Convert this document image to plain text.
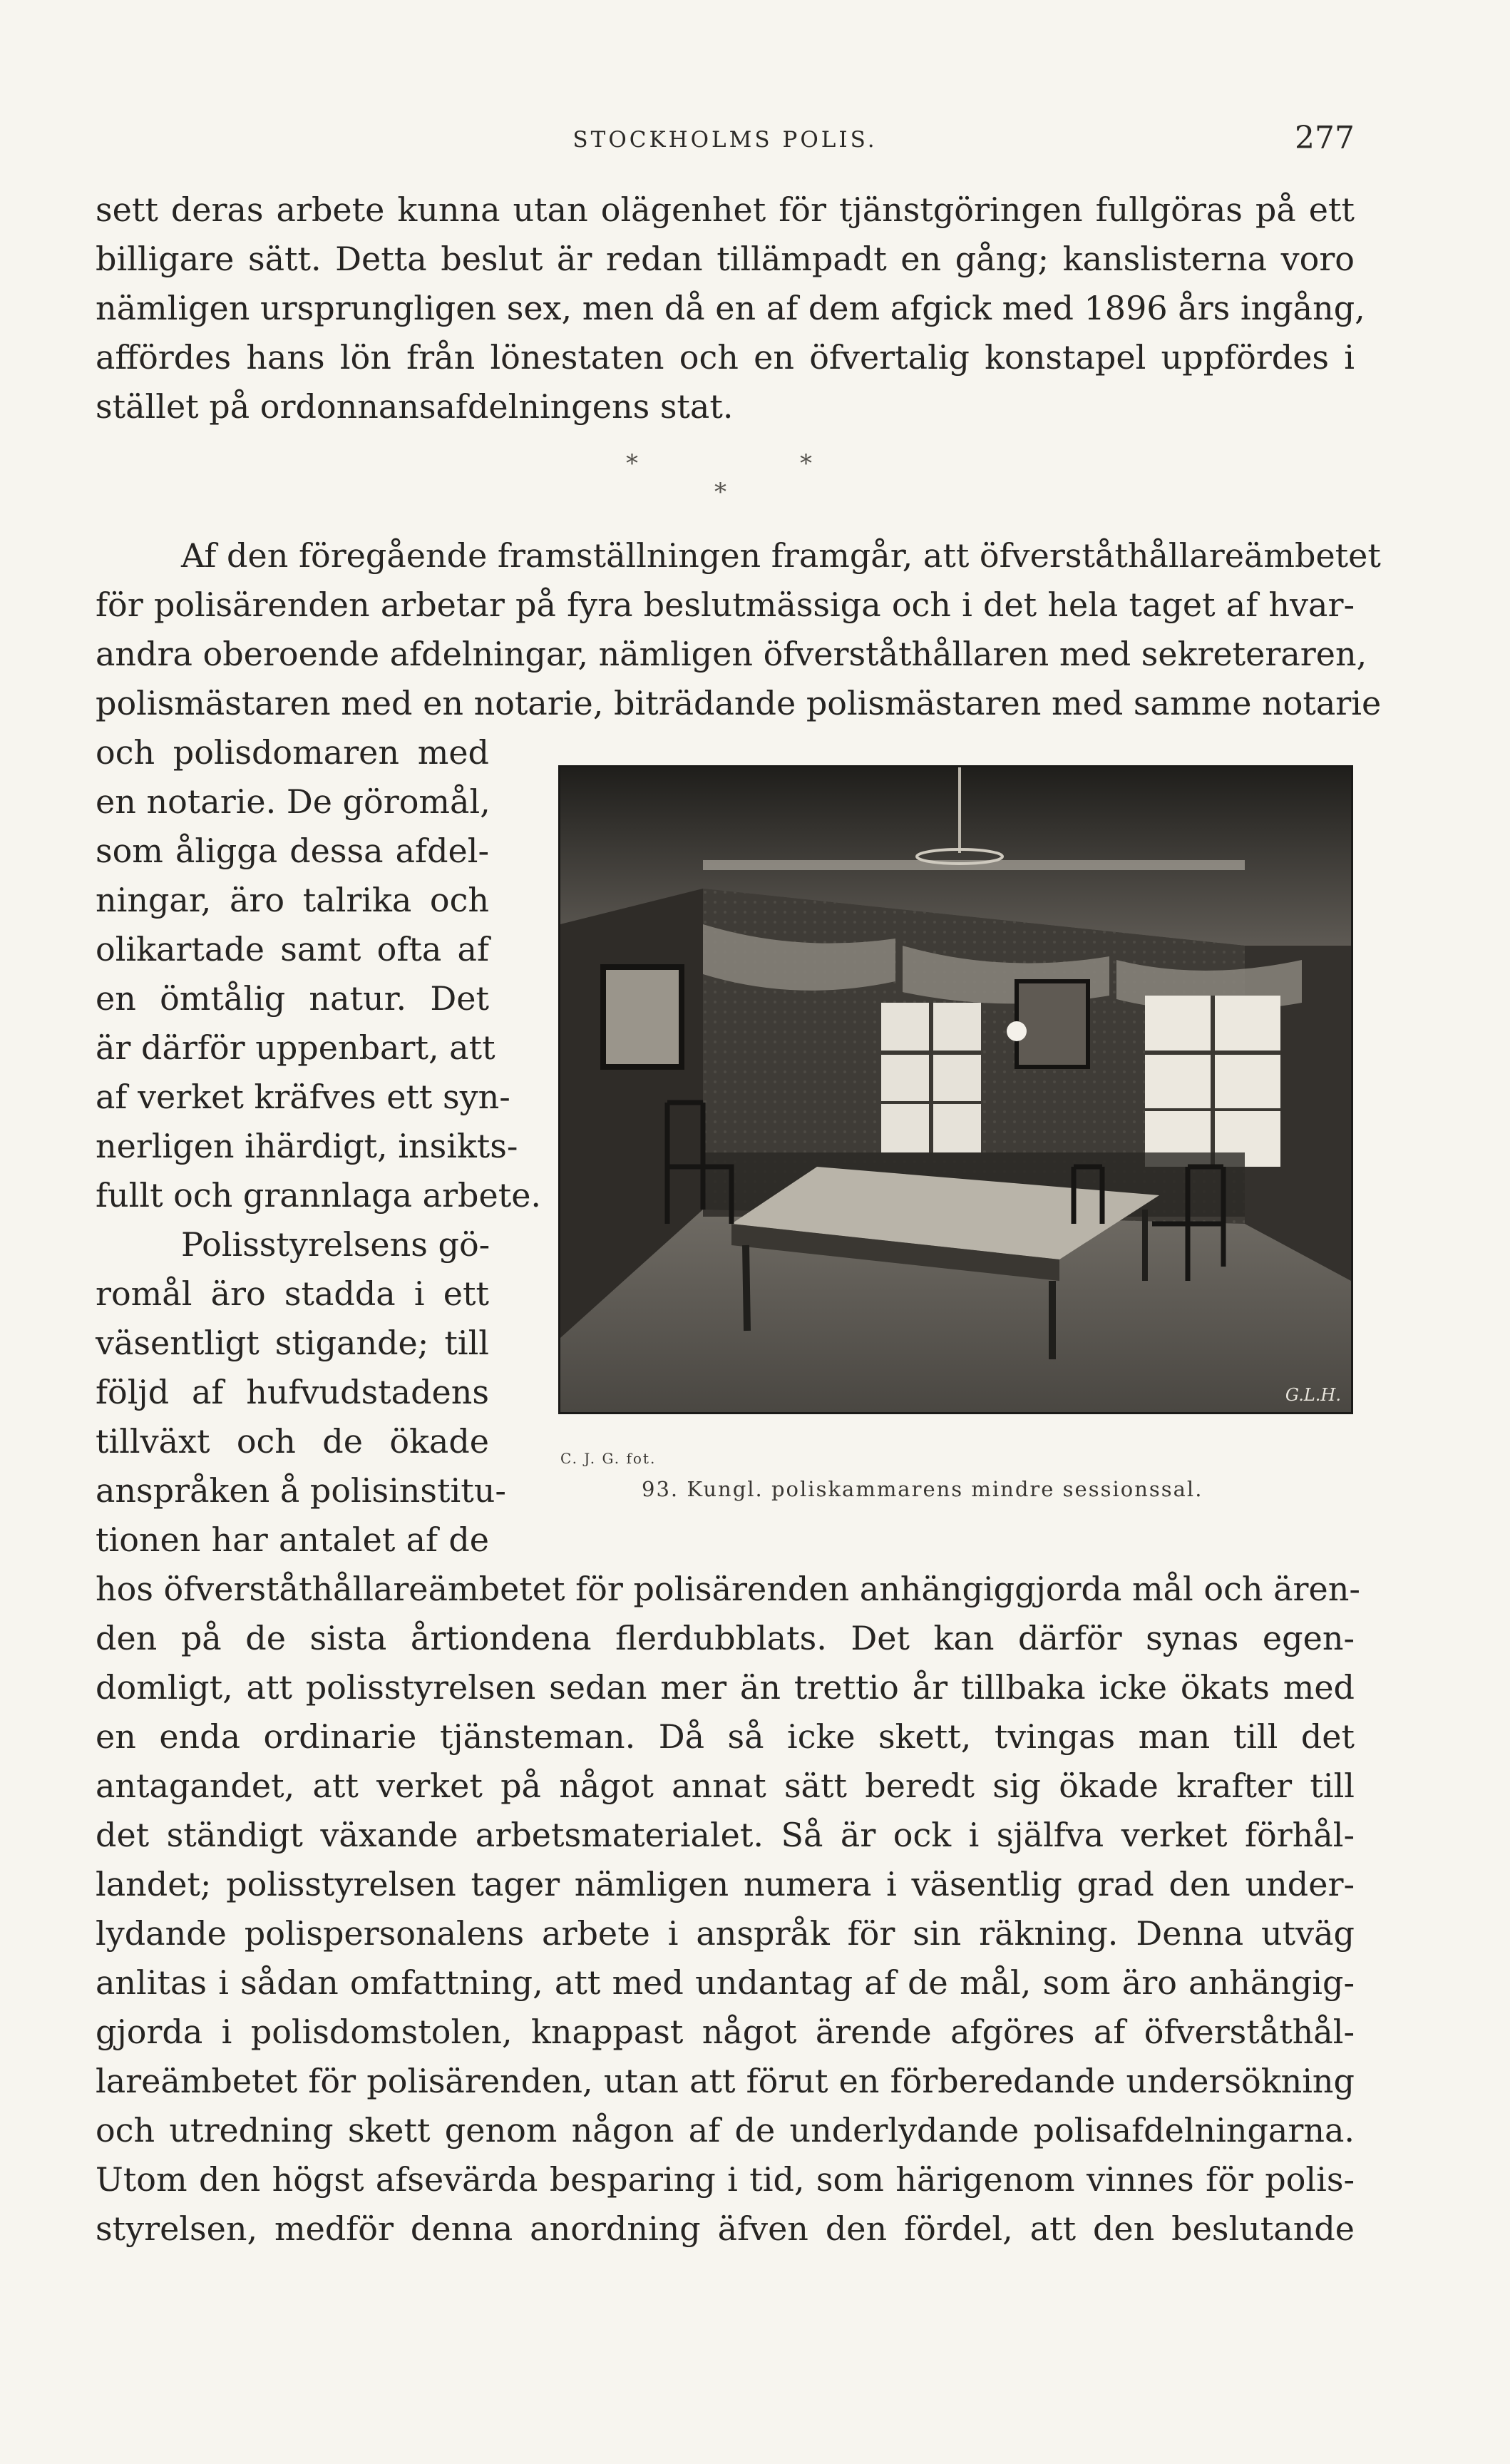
STOCKHOLMS POLIS.	277
sett deras arbete kunna utan olägenhet för tjänstgöringen fullgöras på ett
billigare sätt. Detta beslut är redan tillämpadt en gång; kanslisterna voro
nämligen ursprungligen sex, men då en af dem afgick med 1896 års ingång,
affördes hans lön från lönestaten och en öfvertalig konstapel uppfördes i
stället på ordonnansafdelningens stat.
*	*
*
Af den föregående framställningen framgår, att öfverståthållareämbetet
för polisärenden arbetar på fyra beslutmässiga och i det hela taget af hvar-
andra oberoende afdelningar, nämligen öfverståthållaren med sekreteraren,
polismästaren med en notarie, biträdande polismästaren med samme notarie
och polisdomaren med
en notarie. De göromål,
som åligga dessa afdel-
ningar, äro talrika och
olikartade samt ofta af
en ömtålig natur. Det
är därför uppenbart, att
af verket kräfves ett syn-
nerligen ihärdigt, insikts-
fullt och grannlaga arbete.
Polisstyrelsens gö-
romål äro stadda i ett
väsentligt stigande; till
följd af hufvudstadens
tillväxt och de ökade
anspråken å polisinstitu-
tionen har antalet af de
hos öfverståthållareämbetet för polisärenden anhängiggjorda mål och ären-
den på de sista årtiondena flerdubblats. Det kan därför synas egen-
domligt, att polisstyrelsen sedan mer än trettio år tillbaka icke ökats med
en enda ordinarie tjänsteman. Då så icke skett, tvingas man till det
antagandet, att verket på något annat sätt beredt sig ökade krafter till
det ständigt växande arbetsmaterialet. Så är ock i själfva verket förhål-
landet; polisstyrelsen tager nämligen numera i väsentlig grad den under-
lydande polispersonalens arbete i anspråk för sin räkning. Denna utväg
anlitas i sådan omfattning, att med undantag af de mål, som äro anhängig-
gjorda i polisdomstolen, knappast något ärende afgöres af öfverståthål-
lareämbetet för polisärenden, utan att förut en förberedande undersökning
och utredning skett genom någon af de underlydande polisafdelningarna.
Utom den högst afsevärda besparing i tid, som härigenom vinnes för polis-
styrelsen, medför denna anordning äfven den fördel, att den beslutande
G.L.H.
C. J. G. fot.
93. Kungl. poliskammarens mindre sessionssal.
